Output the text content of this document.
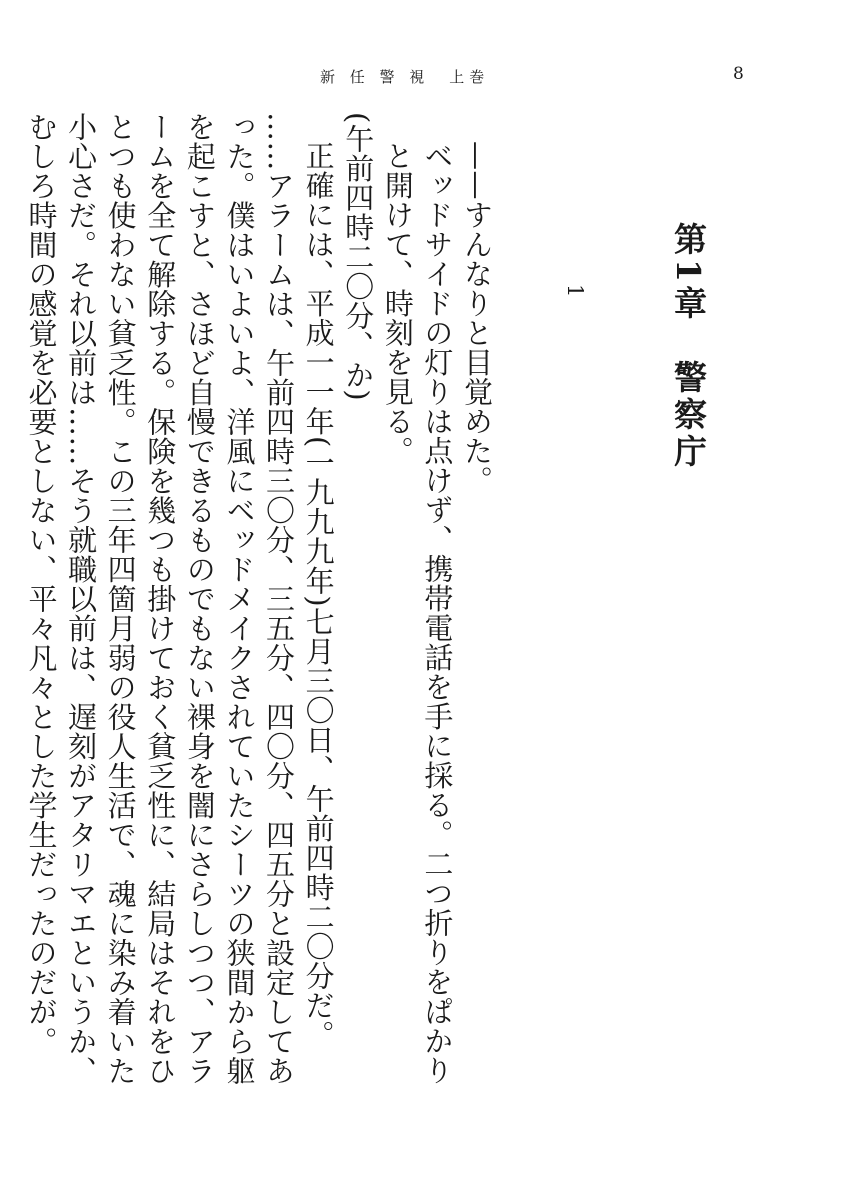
新 任 警 視　上巻	8
第1章　警察庁
1

——すんなりと目覚めた。

ベッドサイドの灯りは点けず、携帯電話を手に採る。二つ折りをぱかりと開けて、時刻を見る。

(午前四時二〇分、か)

正確には、平成一一年(一九九九年)七月三〇日、午前四時二〇分だ。

……アラームは、午前四時三〇分、三五分、四〇分、四五分と設定してあった。僕はいよいよ、洋風にベッドメイクされていたシーツの狭間から躯を起こすと、さほど自慢できるものでもない裸身を闇にさらしつつ、アラームを全て解除する。保険を幾つも掛けておく貧乏性に、結局はそれをひとつも使わない貧乏性。この三年四箇月弱の役人生活で、魂に染み着いた小心さだ。それ以前は……そう就職以前は、遅刻がアタリマエというか、むしろ時間の感覚を必要としない、平々凡々とした学生だったのだが。
